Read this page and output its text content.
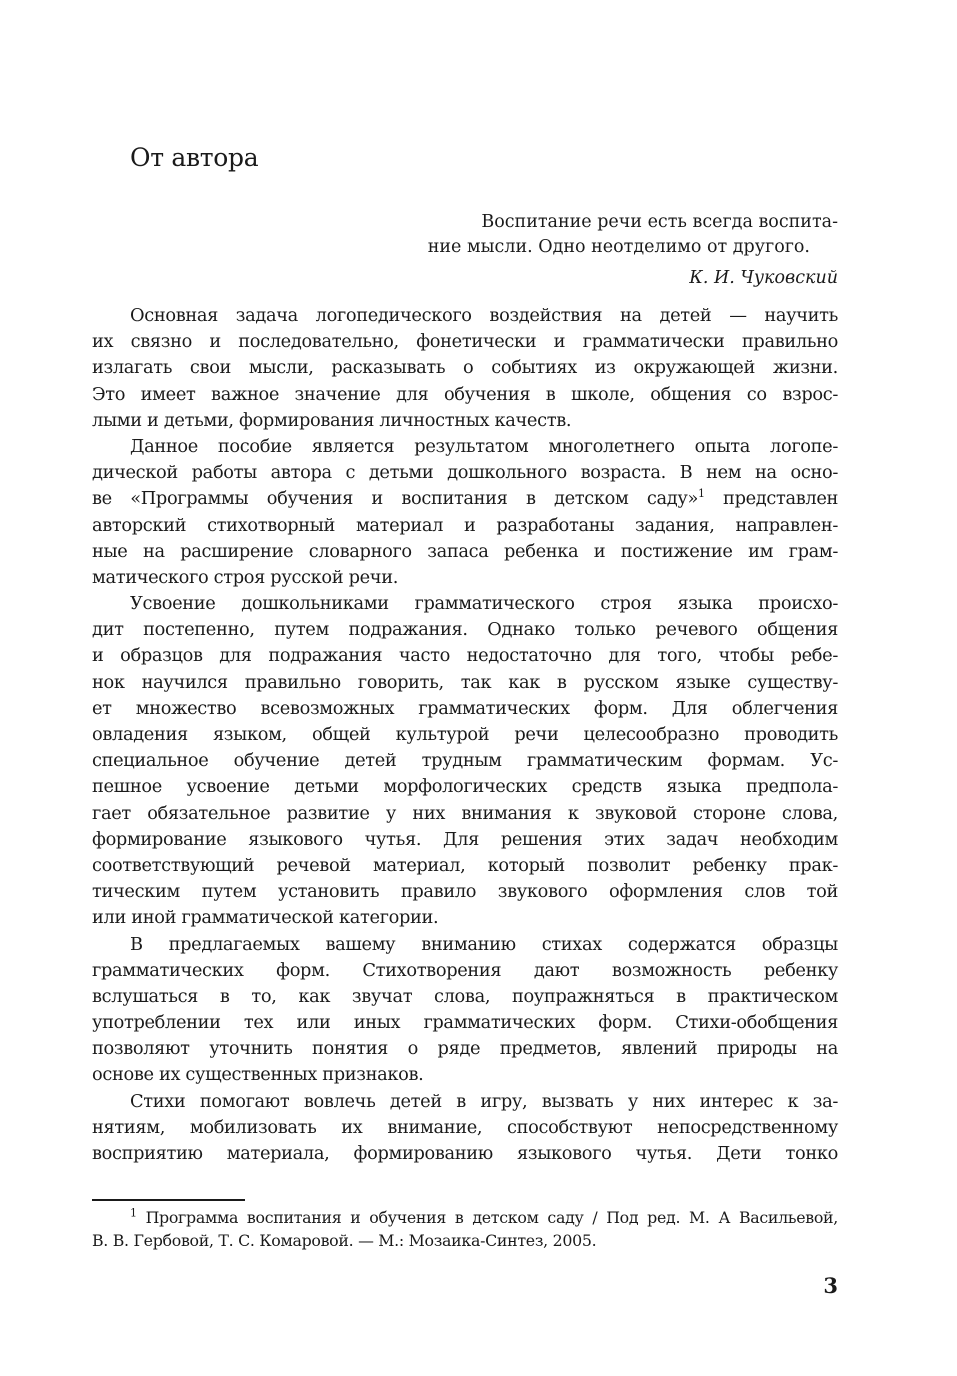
От автора
Воспитание речи есть всегда воспита-
ние мысли. Одно неотделимо от другого.
К. И. Чуковский
Основная задача логопедического воздействия на детей — научить
их связно и последовательно, фонетически и грамматически правильно
излагать свои мысли, расказывать о событиях из окружающей жизни.
Это имеет важное значение для обучения в школе, общения со взрос-
лыми и детьми, формирования личностных качеств.
Данное пособие является результатом многолетнего опыта логопе-
дической работы автора с детьми дошкольного возраста. В нем на осно-
ве «Программы обучения и воспитания в детском саду»$^1$ представлен
авторский стихотворный материал и разработаны задания, направлен-
ные на расширение словарного запаса ребенка и постижение им грам-
матического строя русской речи.
Усвоение дошкольниками грамматического строя языка происхо-
дит постепенно, путем подражания. Однако только речевого общения
и образцов для подражания часто недостаточно для того, чтобы ребе-
нок научился правильно говорить, так как в русском языке существу-
ет множество всевозможных грамматических форм. Для облегчения
овладения языком, общей культурой речи целесообразно проводить
специальное обучение детей трудным грамматическим формам. Ус-
пешное усвоение детьми морфологических средств языка предпола-
гает обязательное развитие у них внимания к звуковой стороне слова,
формирование языкового чутья. Для решения этих задач необходим
соответствующий речевой материал, который позволит ребенку прак-
тическим путем установить правило звукового оформления слов той
или иной грамматической категории.
В предлагаемых вашему вниманию стихах содержатся образцы
грамматических форм. Стихотворения дают возможность ребенку
вслушаться в то, как звучат слова, поупражняться в практическом
употреблении тех или иных грамматических форм. Стихи-обобщения
позволяют уточнить понятия о ряде предметов, явлений природы на
основе их существенных признаков.
Стихи помогают вовлечь детей в игру, вызвать у них интерес к за-
нятиям, мобилизовать их внимание, способствуют непосредственному
восприятию материала, формированию языкового чутья. Дети тонко
$^1$ Программа воспитания и обучения в детском саду / Под ред. М. А Васильевой,
В. В. Гербовой, Т. С. Комаровой. — М.: Мозаика-Синтез, 2005.
3
